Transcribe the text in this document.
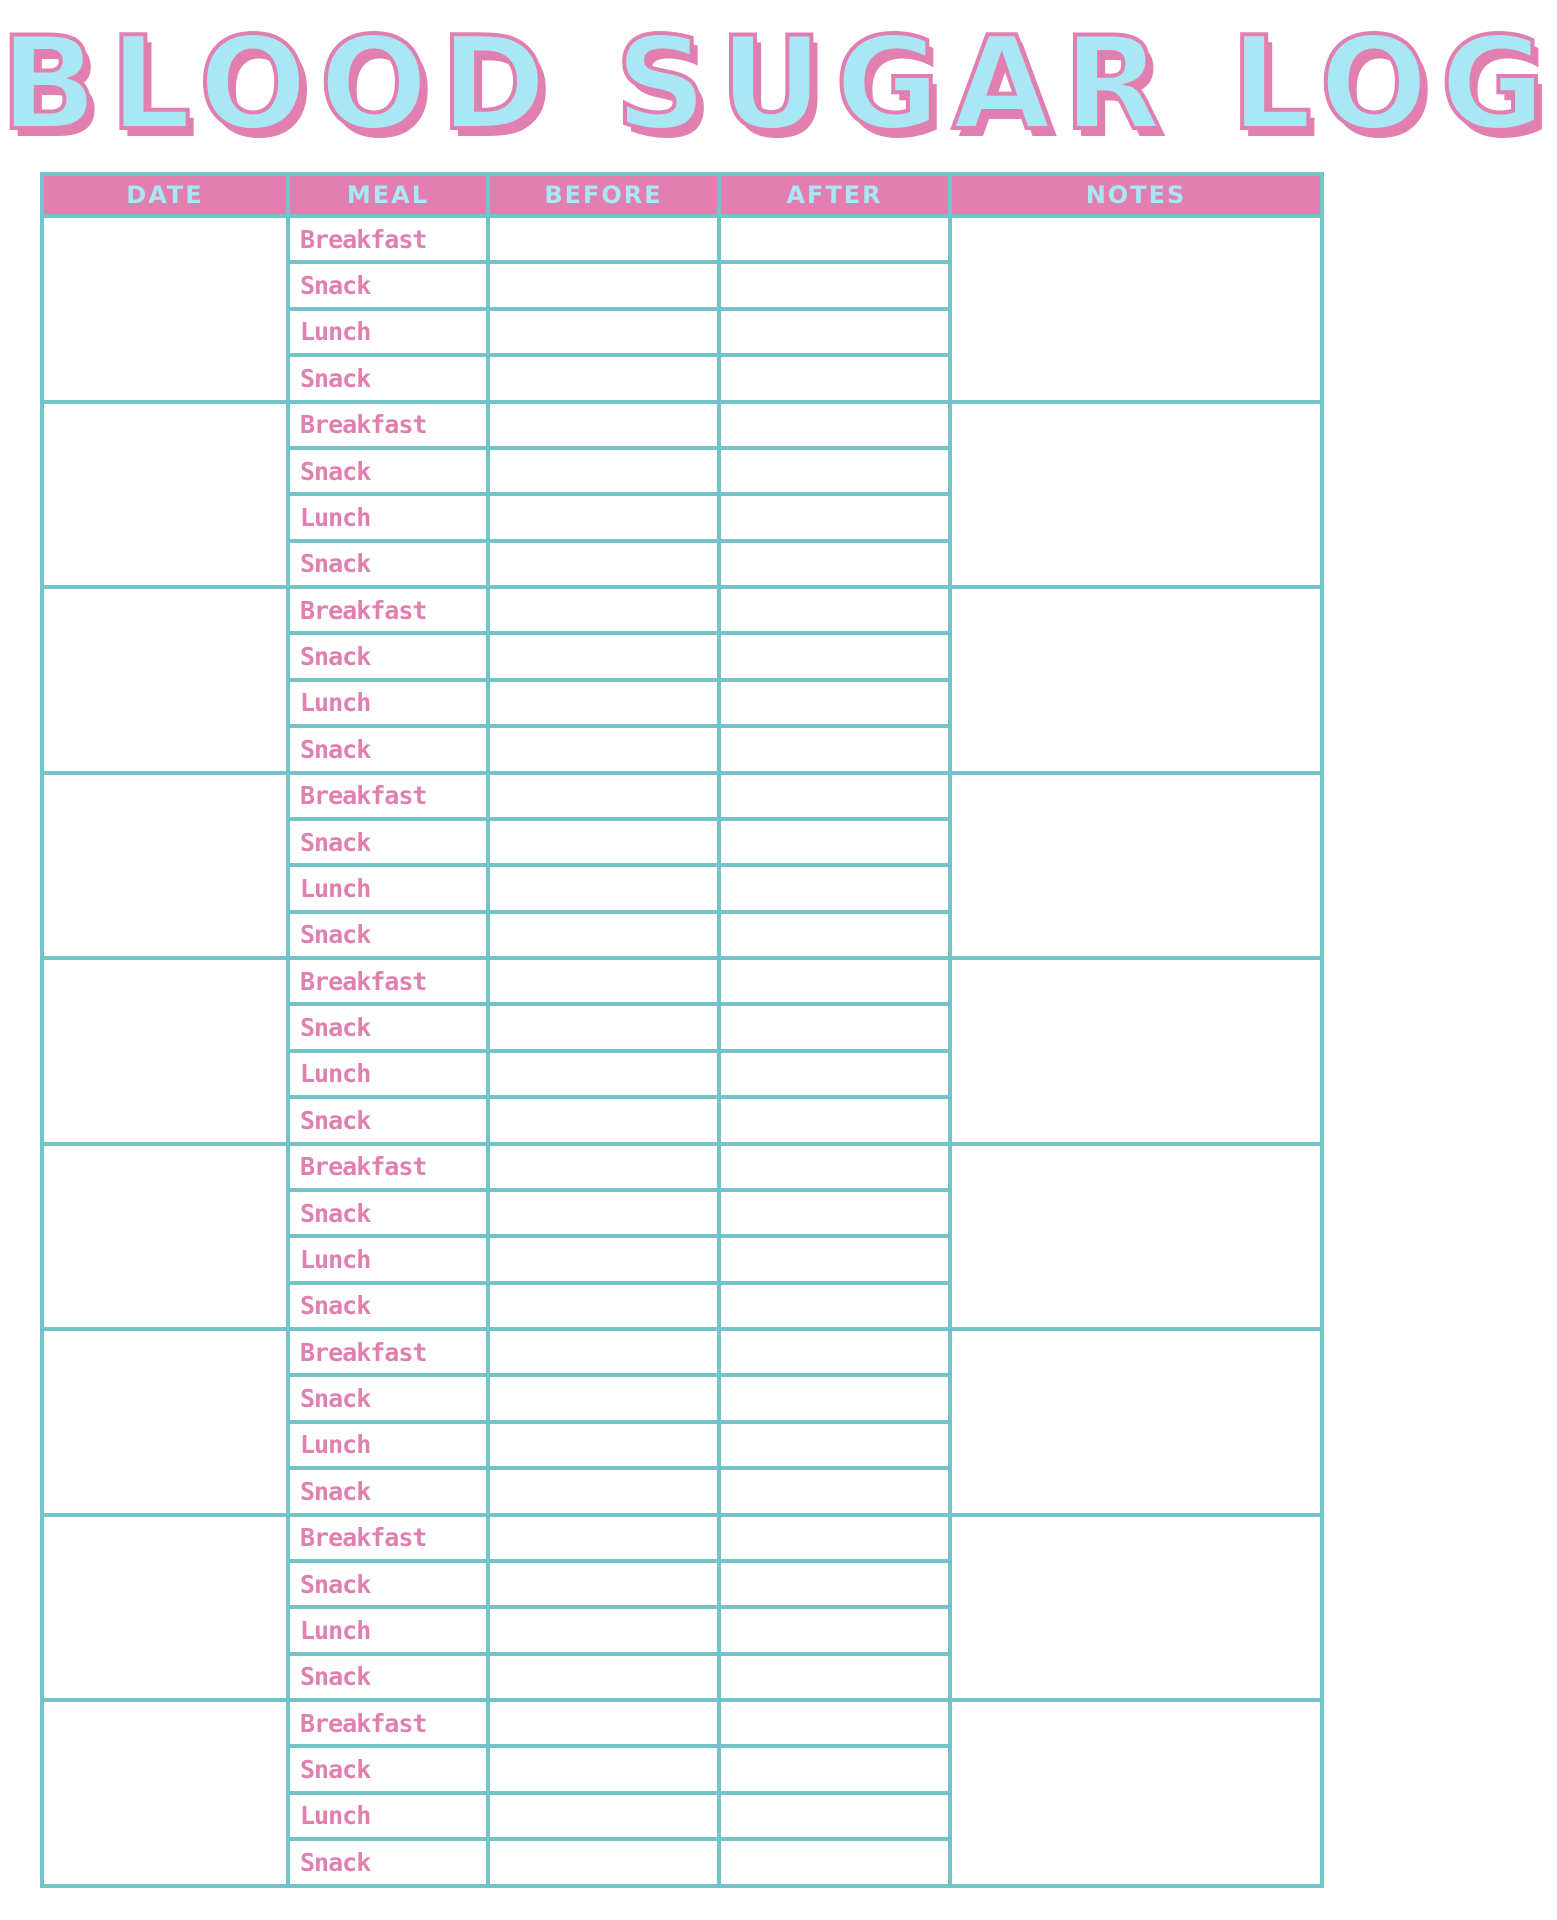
BLOOD SUGAR LOG
DATE	MEAL	BEFORE	AFTER	NOTES
	Breakfast			
	Snack			
	Lunch			
	Snack			
	Breakfast			
	Snack			
	Lunch			
	Snack			
	Breakfast			
	Snack			
	Lunch			
	Snack			
	Breakfast			
	Snack			
	Lunch			
	Snack			
	Breakfast			
	Snack			
	Lunch			
	Snack			
	Breakfast			
	Snack			
	Lunch			
	Snack			
	Breakfast			
	Snack			
	Lunch			
	Snack			
	Breakfast			
	Snack			
	Lunch			
	Snack			
	Breakfast			
	Snack			
	Lunch			
	Snack			
